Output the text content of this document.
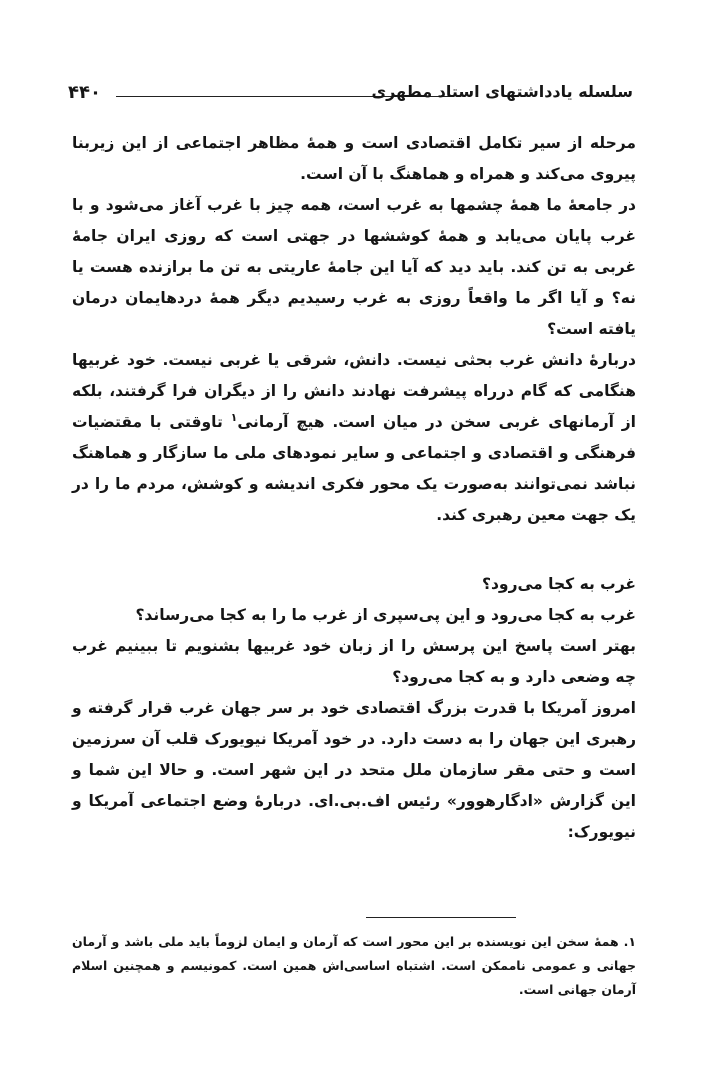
۴۴۰	سلسله یادداشتهای استاد مطهری

مرحله از سیر تکامل اقتصادی است و همهٔ مظاهر اجتماعی از این زیربنا پیروی می‌کند و همراه و هماهنگ با آن است.

در جامعهٔ ما همهٔ چشمها به غرب است، همه چیز با غرب آغاز می‌شود و با غرب پایان می‌یابد و همهٔ کوششها در جهتی است که روزی ایران جامهٔ غربی به تن کند. باید دید که آیا این جامهٔ عاریتی به تن ما برازنده هست یا نه؟ و آیا اگر ما واقعاً روزی به غرب رسیدیم دیگر همهٔ دردهایمان درمان یافته است؟

دربارهٔ دانش غرب بحثی نیست. دانش، شرقی یا غربی نیست. خود غربیها هنگامی که گام درراه پیشرفت نهادند دانش را از دیگران فرا گرفتند، بلکه از آرمانهای غربی سخن در میان است. هیچ آرمانی$^۱$ تاوقتی با مقتضیات فرهنگی و اقتصادی و اجتماعی و سایر نمودهای ملی ما سازگار و هماهنگ نباشد نمی‌توانند به‌صورت یک محور فکری اندیشه و کوشش، مردم ما را در یک جهت معین رهبری کند.

غرب به کجا می‌رود؟

غرب به کجا می‌رود و این پی‌سپری از غرب ما را به کجا می‌رساند؟

بهتر است پاسخ این پرسش را از زبان خود غربیها بشنویم تا ببینیم غرب چه وضعی دارد و به کجا می‌رود؟

امروز آمریکا با قدرت بزرگ اقتصادی خود بر سر جهان غرب قرار گرفته و رهبری این جهان را به دست دارد. در خود آمریکا نیویورک قلب آن سرزمین است و حتی مقر سازمان ملل متحد در این شهر است. و حالا این شما و این گزارش «ادگارهوور» رئیس اف.بی.ای. دربارهٔ وضع اجتماعی آمریکا و نیویورک:

۱. همهٔ سخن این نویسنده بر این محور است که آرمان و ایمان لزوماً باید ملی باشد و آرمان جهانی و عمومی ناممکن است. اشتباه اساسی‌اش همین است. کمونیسم و همچنین اسلام آرمان جهانی است.
